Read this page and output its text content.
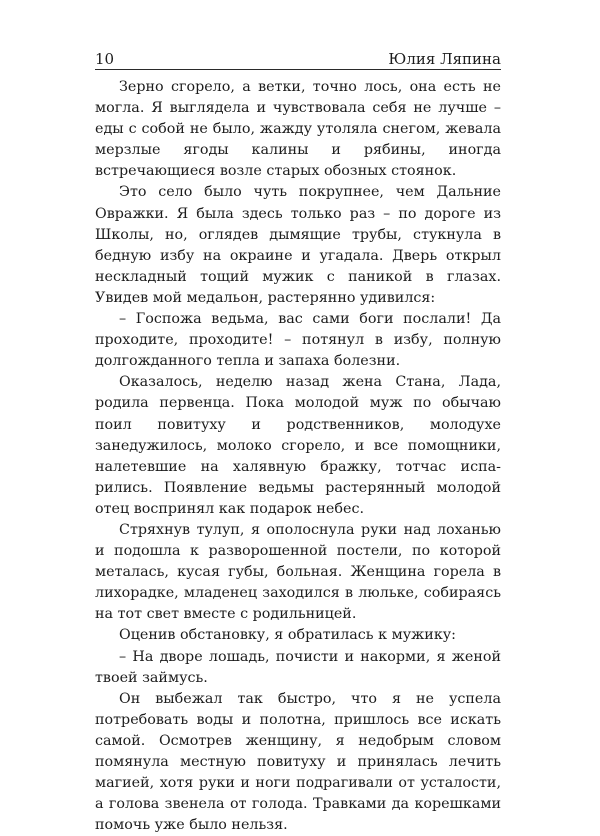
10	Юлия Ляпина

Зерно сгорело, а ветки, точно лось, она есть не могла. Я выглядела и чувствовала себя не лучше – еды с собой не было, жажду утоляла снегом, жевала мерзлые ягоды калины и рябины, иногда встречающиеся возле старых обозных стоянок.

Это село было чуть покрупнее, чем Дальние Овражки. Я была здесь только раз – по дороге из Школы, но, оглядев дымящие трубы, стукнула в бедную избу на окраине и угадала. Дверь открыл нескладный тощий мужик с паникой в глазах. Увидев мой медальон, растерянно удивился:

– Госпожа ведьма, вас сами боги послали! Да проходите, проходите! – потянул в избу, полную долгожданного тепла и запаха болезни.

Оказалось, неделю назад жена Стана, Лада, родила первенца. Пока молодой муж по обычаю поил повитуху и родственников, молодухе занедужилось, молоко сгорело, и все помощники, налетевшие на халявную бражку, тотчас испарились. Появление ведьмы растерянный молодой отец воспринял как подарок небес.

Стряхнув тулуп, я ополоснула руки над лоханью и подошла к разворошенной постели, по которой металась, кусая губы, больная. Женщина горела в лихорадке, младенец заходился в люльке, собираясь на тот свет вместе с родильницей.

Оценив обстановку, я обратилась к мужику:

– На дворе лошадь, почисти и накорми, я женой твоей займусь.

Он выбежал так быстро, что я не успела потребовать воды и полотна, пришлось все искать самой. Осмотрев женщину, я недобрым словом помянула местную повитуху и принялась лечить магией, хотя руки и ноги подрагивали от усталости, а голова звенела от голода. Травками да корешками помочь уже было нельзя.
